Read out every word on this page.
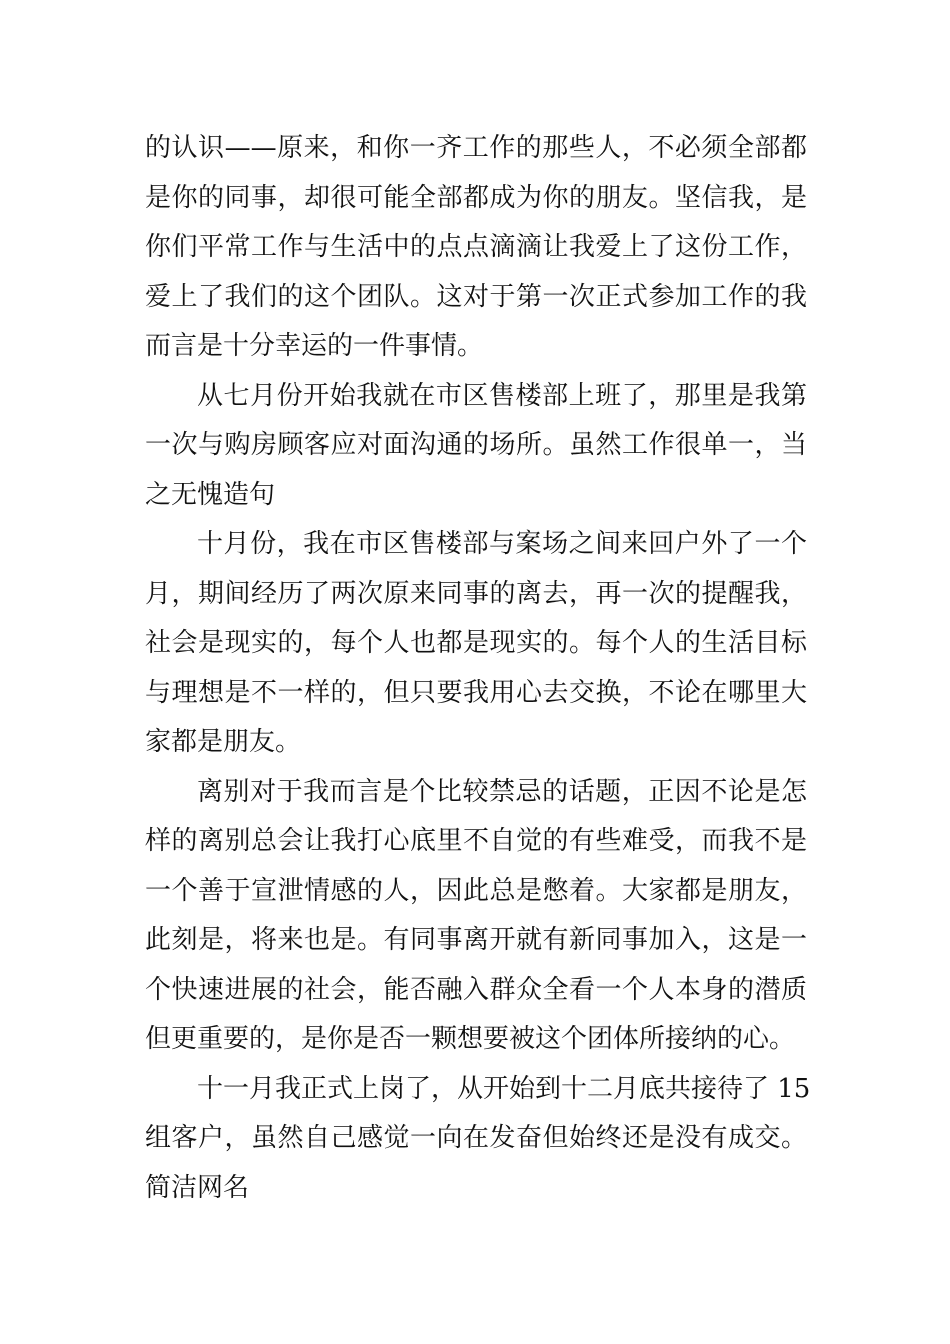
的认识——原来，和你一齐工作的那些人，不必须全部都
是你的同事，却很可能全部都成为你的朋友。坚信我，是
你们平常工作与生活中的点点滴滴让我爱上了这份工作，
爱上了我们的这个团队。这对于第一次正式参加工作的我
而言是十分幸运的一件事情。
从七月份开始我就在市区售楼部上班了，那里是我第
一次与购房顾客应对面沟通的场所。虽然工作很单一，当
之无愧造句
十月份，我在市区售楼部与案场之间来回户外了一个
月，期间经历了两次原来同事的离去，再一次的提醒我，
社会是现实的，每个人也都是现实的。每个人的生活目标
与理想是不一样的，但只要我用心去交换，不论在哪里大
家都是朋友。
离别对于我而言是个比较禁忌的话题，正因不论是怎
样的离别总会让我打心底里不自觉的有些难受，而我不是
一个善于宣泄情感的人，因此总是憋着。大家都是朋友，
此刻是，将来也是。有同事离开就有新同事加入，这是一
个快速进展的社会，能否融入群众全看一个人本身的潜质
但更重要的，是你是否一颗想要被这个团体所接纳的心。
十一月我正式上岗了，从开始到十二月底共接待了 15
组客户，虽然自己感觉一向在发奋但始终还是没有成交。
简洁网名
